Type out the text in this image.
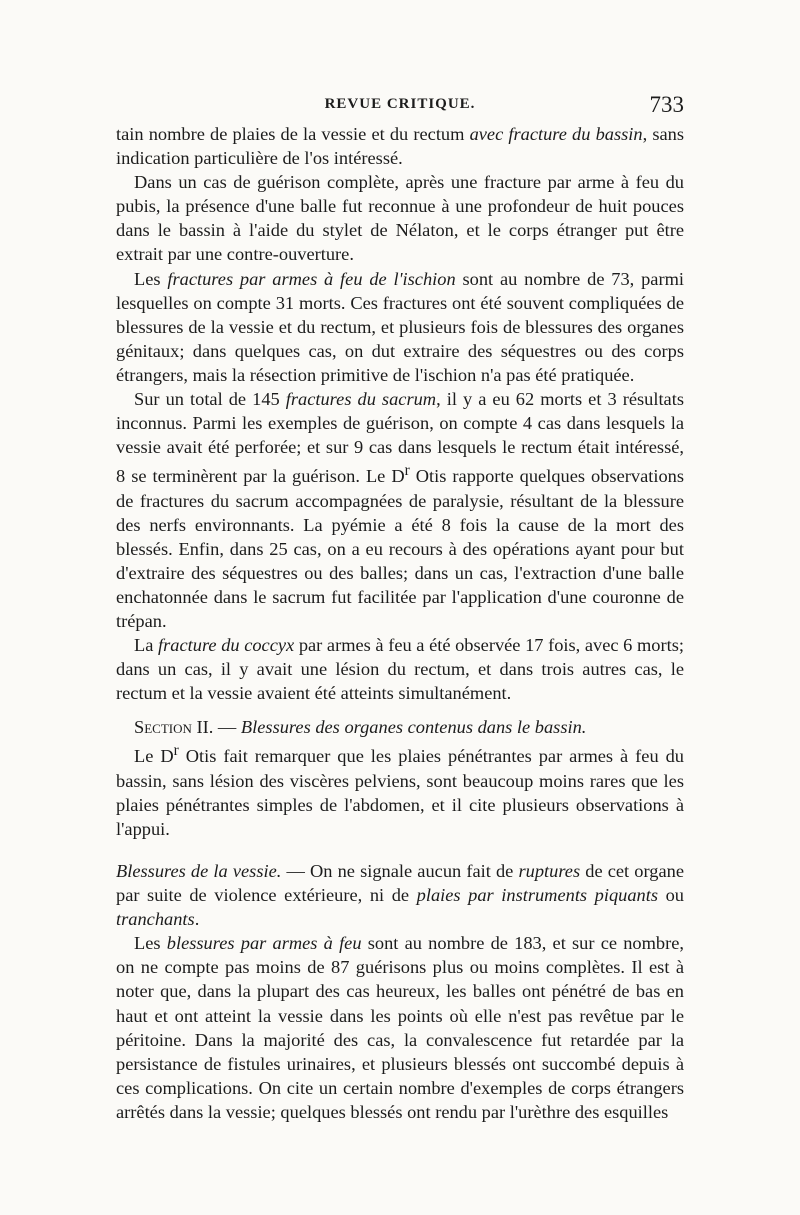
REVUE CRITIQUE.	733

tain nombre de plaies de la vessie et du rectum avec fracture du bassin, sans indication particulière de l'os intéressé.

Dans un cas de guérison complète, après une fracture par arme à feu du pubis, la présence d'une balle fut reconnue à une profondeur de huit pouces dans le bassin à l'aide du stylet de Nélaton, et le corps étranger put être extrait par une contre-ouverture.

Les fractures par armes à feu de l'ischion sont au nombre de 73, parmi lesquelles on compte 31 morts. Ces fractures ont été souvent compliquées de blessures de la vessie et du rectum, et plusieurs fois de blessures des organes génitaux; dans quelques cas, on dut extraire des séquestres ou des corps étrangers, mais la résection primitive de l'ischion n'a pas été pratiquée.

Sur un total de 145 fractures du sacrum, il y a eu 62 morts et 3 résultats inconnus. Parmi les exemples de guérison, on compte 4 cas dans lesquels la vessie avait été perforée; et sur 9 cas dans lesquels le rectum était intéressé, 8 se terminèrent par la guérison. Le $D^r$ Otis rapporte quelques observations de fractures du sacrum accompagnées de paralysie, résultant de la blessure des nerfs environnants. La pyémie a été 8 fois la cause de la mort des blessés. Enfin, dans 25 cas, on a eu recours à des opérations ayant pour but d'extraire des séquestres ou des balles; dans un cas, l'extraction d'une balle enchatonnée dans le sacrum fut facilitée par l'application d'une couronne de trépan.

La fracture du coccyx par armes à feu a été observée 17 fois, avec 6 morts; dans un cas, il y avait une lésion du rectum, et dans trois autres cas, le rectum et la vessie avaient été atteints simultanément.

Section II. — Blessures des organes contenus dans le bassin.

Le $D^r$ Otis fait remarquer que les plaies pénétrantes par armes à feu du bassin, sans lésion des viscères pelviens, sont beaucoup moins rares que les plaies pénétrantes simples de l'abdomen, et il cite plusieurs observations à l'appui.

Blessures de la vessie. — On ne signale aucun fait de ruptures de cet organe par suite de violence extérieure, ni de plaies par instruments piquants ou tranchants.

Les blessures par armes à feu sont au nombre de 183, et sur ce nombre, on ne compte pas moins de 87 guérisons plus ou moins complètes. Il est à noter que, dans la plupart des cas heureux, les balles ont pénétré de bas en haut et ont atteint la vessie dans les points où elle n'est pas revêtue par le péritoine. Dans la majorité des cas, la convalescence fut retardée par la persistance de fistules urinaires, et plusieurs blessés ont succombé depuis à ces complications. On cite un certain nombre d'exemples de corps étrangers arrêtés dans la vessie; quelques blessés ont rendu par l'urèthre des esquilles
